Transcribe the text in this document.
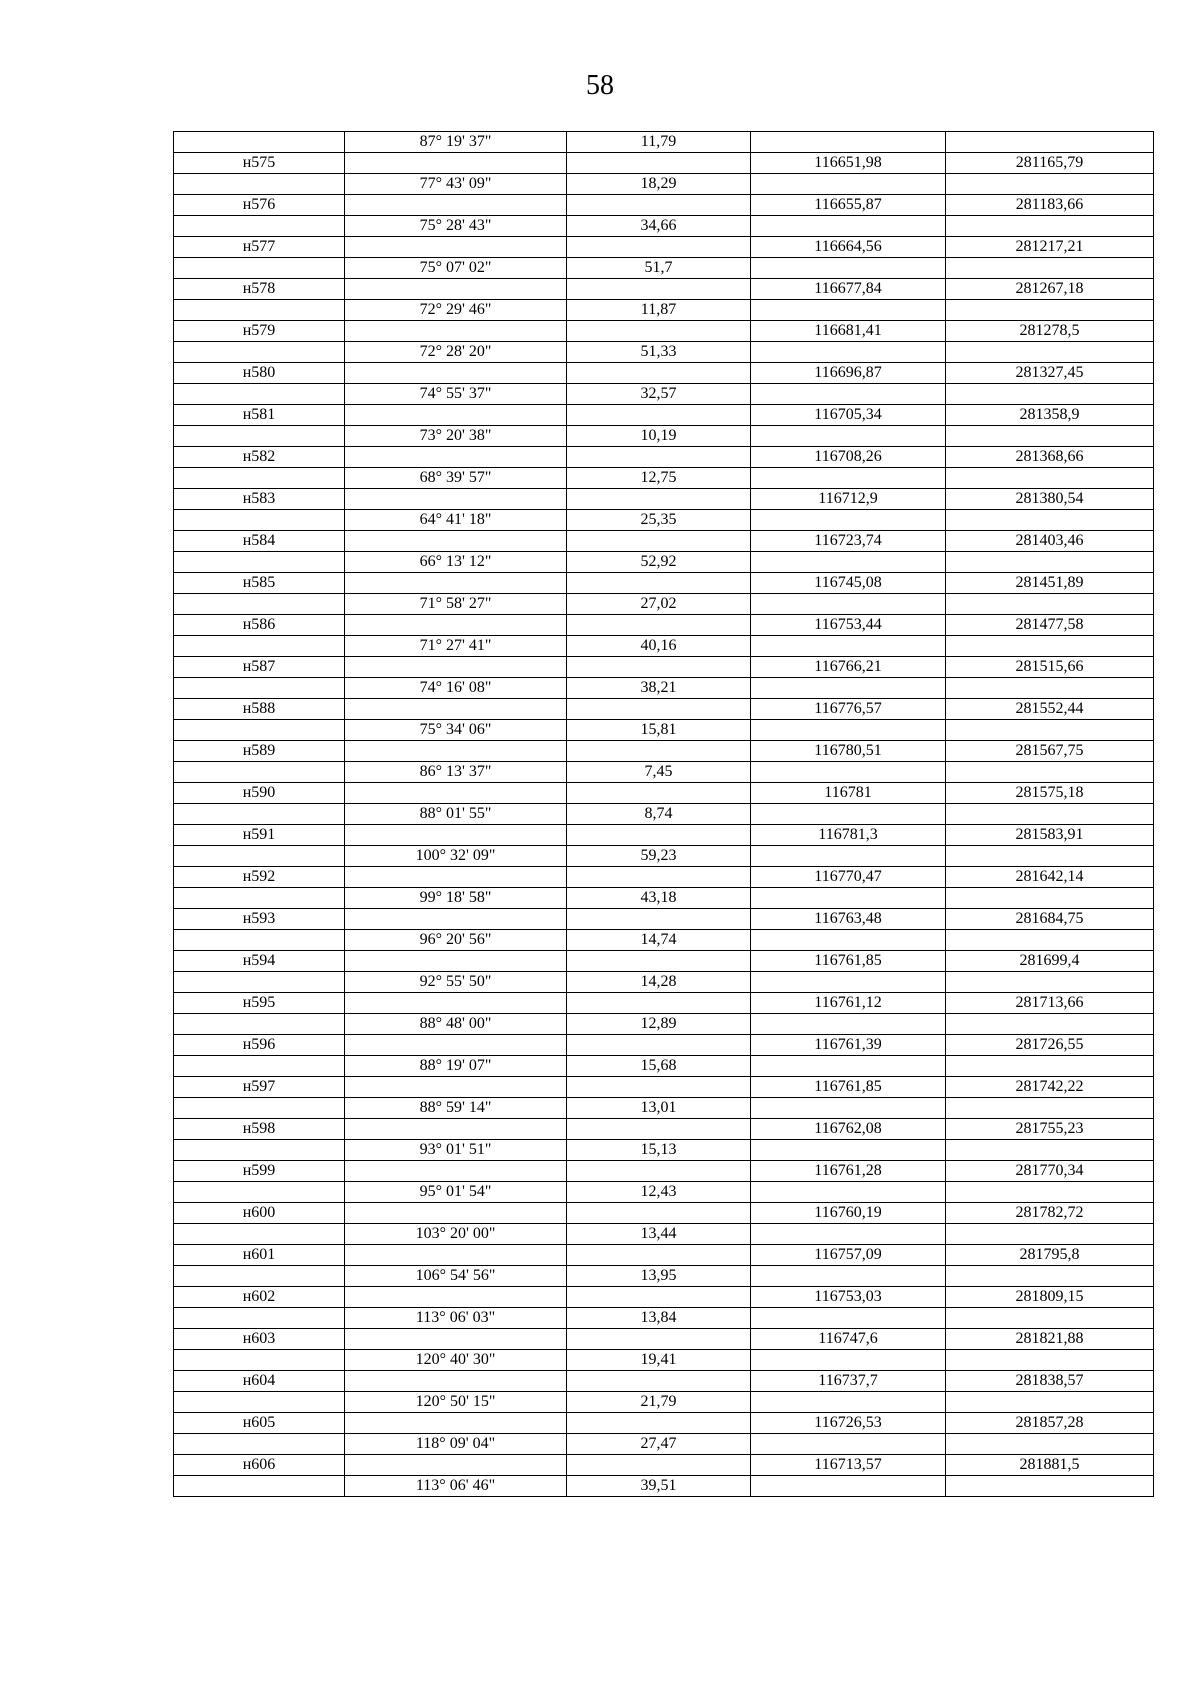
58
	87° 19' 37"	11,79		
н575			116651,98	281165,79
	77° 43' 09"	18,29		
н576			116655,87	281183,66
	75° 28' 43"	34,66		
н577			116664,56	281217,21
	75° 07' 02"	51,7		
н578			116677,84	281267,18
	72° 29' 46"	11,87		
н579			116681,41	281278,5
	72° 28' 20"	51,33		
н580			116696,87	281327,45
	74° 55' 37"	32,57		
н581			116705,34	281358,9
	73° 20' 38"	10,19		
н582			116708,26	281368,66
	68° 39' 57"	12,75		
н583			116712,9	281380,54
	64° 41' 18"	25,35		
н584			116723,74	281403,46
	66° 13' 12"	52,92		
н585			116745,08	281451,89
	71° 58' 27"	27,02		
н586			116753,44	281477,58
	71° 27' 41"	40,16		
н587			116766,21	281515,66
	74° 16' 08"	38,21		
н588			116776,57	281552,44
	75° 34' 06"	15,81		
н589			116780,51	281567,75
	86° 13' 37"	7,45		
н590			116781	281575,18
	88° 01' 55"	8,74		
н591			116781,3	281583,91
	100° 32' 09"	59,23		
н592			116770,47	281642,14
	99° 18' 58"	43,18		
н593			116763,48	281684,75
	96° 20' 56"	14,74		
н594			116761,85	281699,4
	92° 55' 50"	14,28		
н595			116761,12	281713,66
	88° 48' 00"	12,89		
н596			116761,39	281726,55
	88° 19' 07"	15,68		
н597			116761,85	281742,22
	88° 59' 14"	13,01		
н598			116762,08	281755,23
	93° 01' 51"	15,13		
н599			116761,28	281770,34
	95° 01' 54"	12,43		
н600			116760,19	281782,72
	103° 20' 00"	13,44		
н601			116757,09	281795,8
	106° 54' 56"	13,95		
н602			116753,03	281809,15
	113° 06' 03"	13,84		
н603			116747,6	281821,88
	120° 40' 30"	19,41		
н604			116737,7	281838,57
	120° 50' 15"	21,79		
н605			116726,53	281857,28
	118° 09' 04"	27,47		
н606			116713,57	281881,5
	113° 06' 46"	39,51		
